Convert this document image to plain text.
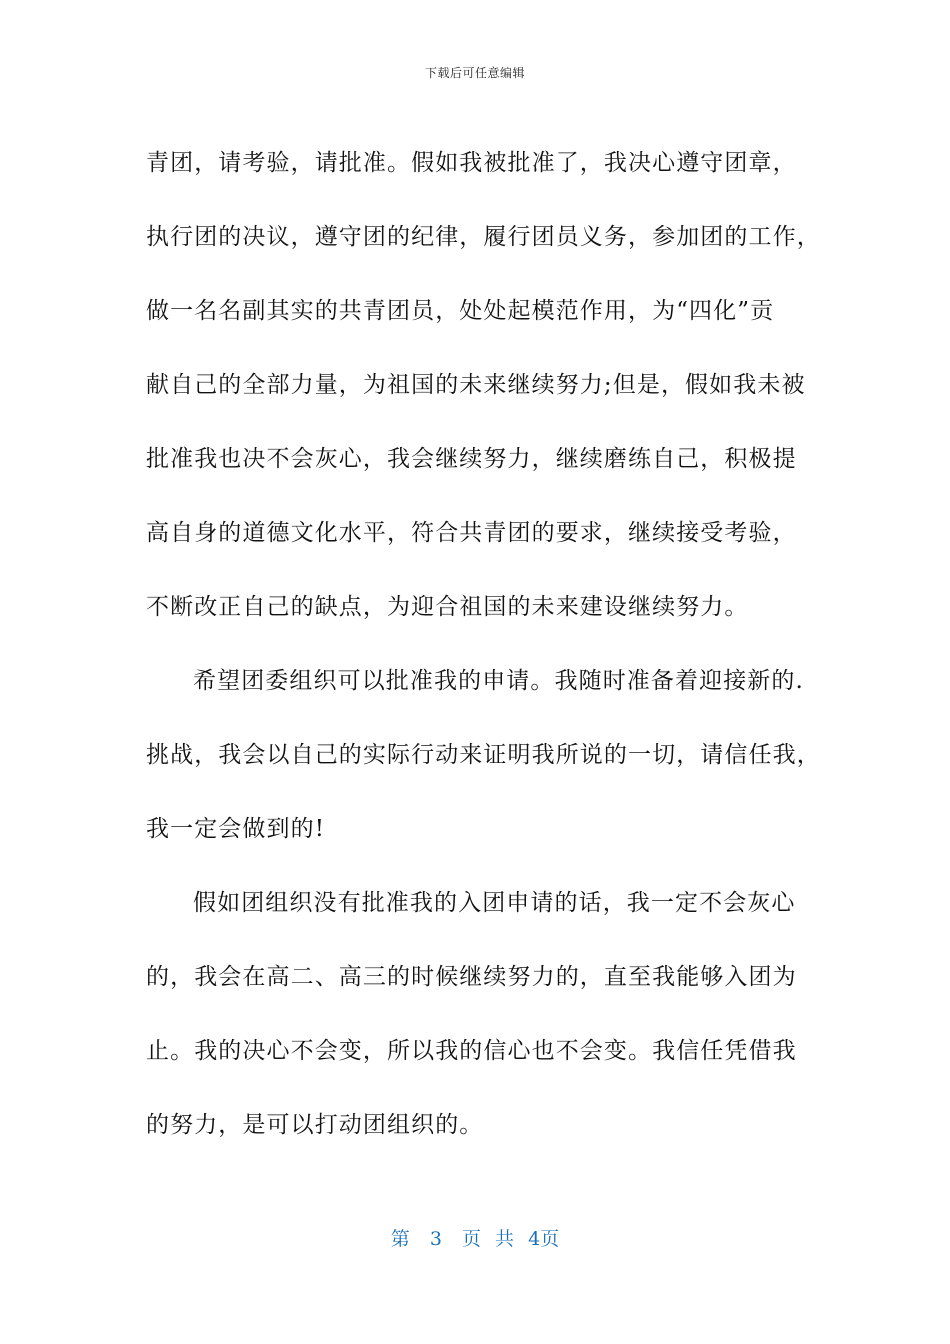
下载后可任意编辑
青团，请考验，请批准。假如我被批准了，我决心遵守团章，
执行团的决议，遵守团的纪律，履行团员义务，参加团的工作，
做一名名副其实的共青团员，处处起模范作用，为“四化”贡
献自己的全部力量，为祖国的未来继续努力;但是，假如我未被
批准我也决不会灰心，我会继续努力，继续磨练自己，积极提
高自身的道德文化水平，符合共青团的要求，继续接受考验，
不断改正自己的缺点，为迎合祖国的未来建设继续努力。
希望团委组织可以批准我的申请。我随时准备着迎接新的.
挑战，我会以自己的实际行动来证明我所说的一切，请信任我，
我一定会做到的!
假如团组织没有批准我的入团申请的话，我一定不会灰心
的，我会在高二、高三的时候继续努力的，直至我能够入团为
止。我的决心不会变，所以我的信心也不会变。我信任凭借我
的努力，是可以打动团组织的。
第 3 页 共 4页
